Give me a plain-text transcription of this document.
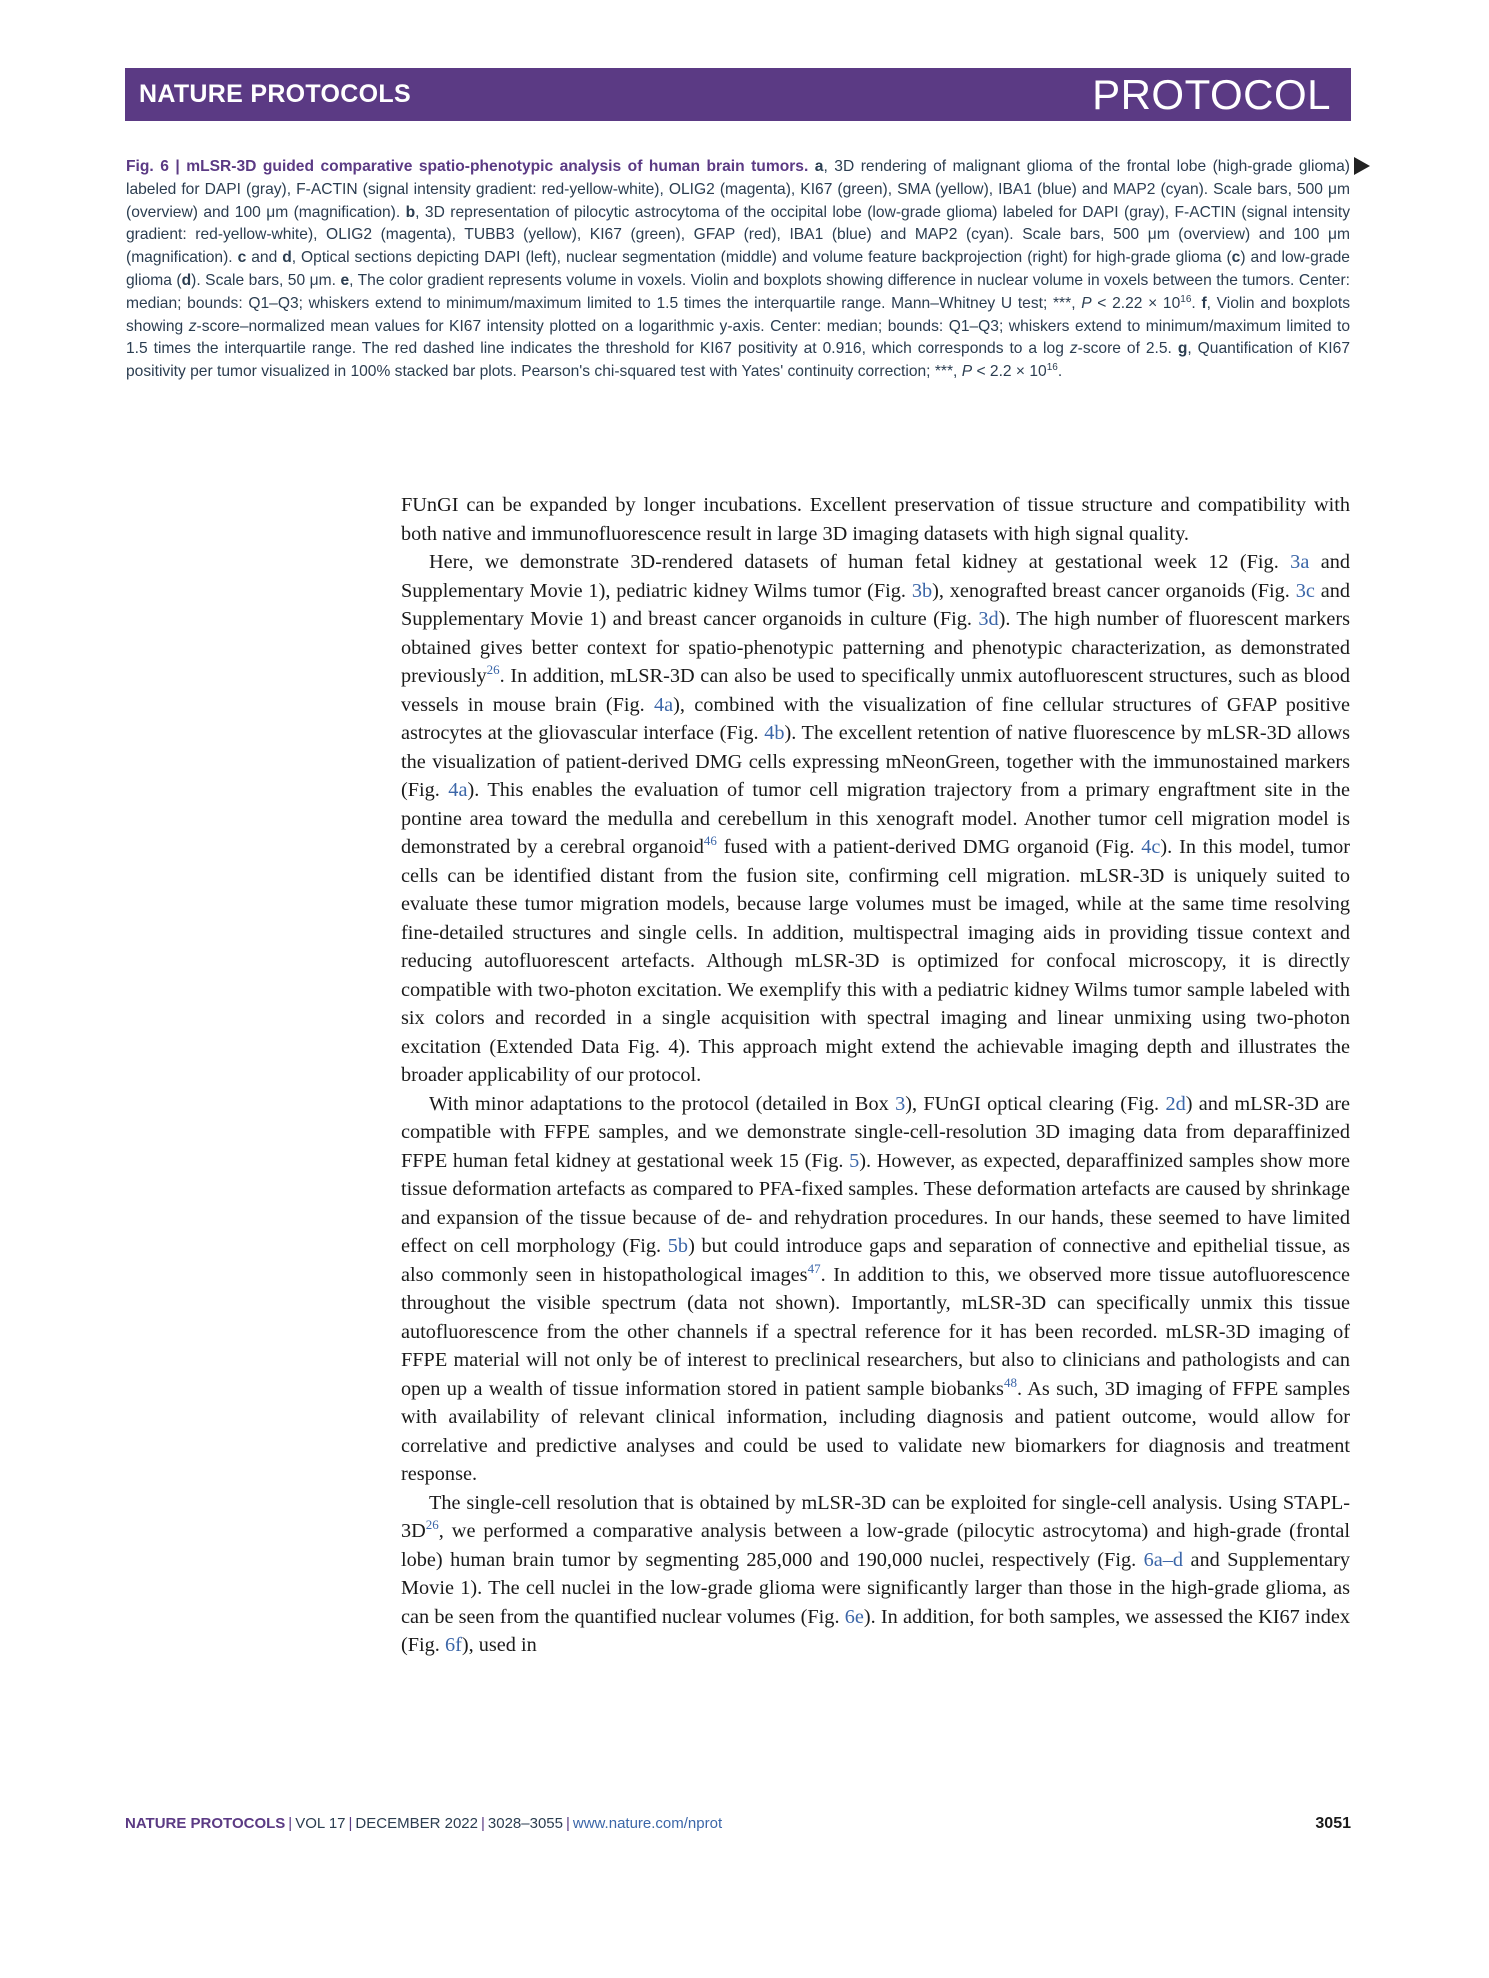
NATURE PROTOCOLS	PROTOCOL
Fig. 6 | mLSR-3D guided comparative spatio-phenotypic analysis of human brain tumors. a, 3D rendering of malignant glioma of the frontal lobe (high-grade glioma) labeled for DAPI (gray), F-ACTIN (signal intensity gradient: red-yellow-white), OLIG2 (magenta), KI67 (green), SMA (yellow), IBA1 (blue) and MAP2 (cyan). Scale bars, 500 μm (overview) and 100 μm (magnification). b, 3D representation of pilocytic astrocytoma of the occipital lobe (low-grade glioma) labeled for DAPI (gray), F-ACTIN (signal intensity gradient: red-yellow-white), OLIG2 (magenta), TUBB3 (yellow), KI67 (green), GFAP (red), IBA1 (blue) and MAP2 (cyan). Scale bars, 500 μm (overview) and 100 μm (magnification). c and d, Optical sections depicting DAPI (left), nuclear segmentation (middle) and volume feature backprojection (right) for high-grade glioma (c) and low-grade glioma (d). Scale bars, 50 μm. e, The color gradient represents volume in voxels. Violin and boxplots showing difference in nuclear volume in voxels between the tumors. Center: median; bounds: Q1–Q3; whiskers extend to minimum/maximum limited to 1.5 times the interquartile range. Mann–Whitney U test; ***, $P < 2.22 \times 10^{16}$. f, Violin and boxplots showing z-score–normalized mean values for KI67 intensity plotted on a logarithmic y-axis. Center: median; bounds: Q1–Q3; whiskers extend to minimum/maximum limited to 1.5 times the interquartile range. The red dashed line indicates the threshold for KI67 positivity at 0.916, which corresponds to a log z-score of 2.5. g, Quantification of KI67 positivity per tumor visualized in 100% stacked bar plots. Pearson's chi-squared test with Yates' continuity correction; ***, $P < 2.2 \times 10^{16}$.

FUnGI can be expanded by longer incubations. Excellent preservation of tissue structure and compatibility with both native and immunofluorescence result in large 3D imaging datasets with high signal quality.

Here, we demonstrate 3D-rendered datasets of human fetal kidney at gestational week 12 (Fig. 3a and Supplementary Movie 1), pediatric kidney Wilms tumor (Fig. 3b), xenografted breast cancer organoids (Fig. 3c and Supplementary Movie 1) and breast cancer organoids in culture (Fig. 3d). The high number of fluorescent markers obtained gives better context for spatio-phenotypic patterning and phenotypic characterization, as demonstrated previously$^{26}$. In addition, mLSR-3D can also be used to specifically unmix autofluorescent structures, such as blood vessels in mouse brain (Fig. 4a), combined with the visualization of fine cellular structures of GFAP positive astrocytes at the gliovascular interface (Fig. 4b). The excellent retention of native fluorescence by mLSR-3D allows the visualization of patient-derived DMG cells expressing mNeonGreen, together with the immunostained markers (Fig. 4a). This enables the evaluation of tumor cell migration trajectory from a primary engraftment site in the pontine area toward the medulla and cerebellum in this xenograft model. Another tumor cell migration model is demonstrated by a cerebral organoid$^{46}$ fused with a patient-derived DMG organoid (Fig. 4c). In this model, tumor cells can be identified distant from the fusion site, confirming cell migration. mLSR-3D is uniquely suited to evaluate these tumor migration models, because large volumes must be imaged, while at the same time resolving fine-detailed structures and single cells. In addition, multispectral imaging aids in providing tissue context and reducing autofluorescent artefacts. Although mLSR-3D is optimized for confocal microscopy, it is directly compatible with two-photon excitation. We exemplify this with a pediatric kidney Wilms tumor sample labeled with six colors and recorded in a single acquisition with spectral imaging and linear unmixing using two-photon excitation (Extended Data Fig. 4). This approach might extend the achievable imaging depth and illustrates the broader applicability of our protocol.

With minor adaptations to the protocol (detailed in Box 3), FUnGI optical clearing (Fig. 2d) and mLSR-3D are compatible with FFPE samples, and we demonstrate single-cell-resolution 3D imaging data from deparaffinized FFPE human fetal kidney at gestational week 15 (Fig. 5). However, as expected, deparaffinized samples show more tissue deformation artefacts as compared to PFA-fixed samples. These deformation artefacts are caused by shrinkage and expansion of the tissue because of de- and rehydration procedures. In our hands, these seemed to have limited effect on cell morphology (Fig. 5b) but could introduce gaps and separation of connective and epithelial tissue, as also commonly seen in histopathological images$^{47}$. In addition to this, we observed more tissue autofluorescence throughout the visible spectrum (data not shown). Importantly, mLSR-3D can specifically unmix this tissue autofluorescence from the other channels if a spectral reference for it has been recorded. mLSR-3D imaging of FFPE material will not only be of interest to preclinical researchers, but also to clinicians and pathologists and can open up a wealth of tissue information stored in patient sample biobanks$^{48}$. As such, 3D imaging of FFPE samples with availability of relevant clinical information, including diagnosis and patient outcome, would allow for correlative and predictive analyses and could be used to validate new biomarkers for diagnosis and treatment response.

The single-cell resolution that is obtained by mLSR-3D can be exploited for single-cell analysis. Using STAPL-$3D^{26}$, we performed a comparative analysis between a low-grade (pilocytic astrocytoma) and high-grade (frontal lobe) human brain tumor by segmenting 285,000 and 190,000 nuclei, respectively (Fig. 6a–d and Supplementary Movie 1). The cell nuclei in the low-grade glioma were significantly larger than those in the high-grade glioma, as can be seen from the quantified nuclear volumes (Fig. 6e). In addition, for both samples, we assessed the KI67 index (Fig. 6f), used in

NATURE PROTOCOLS | VOL 17 | DECEMBER 2022 | 3028–3055 | www.nature.com/nprot	3051
